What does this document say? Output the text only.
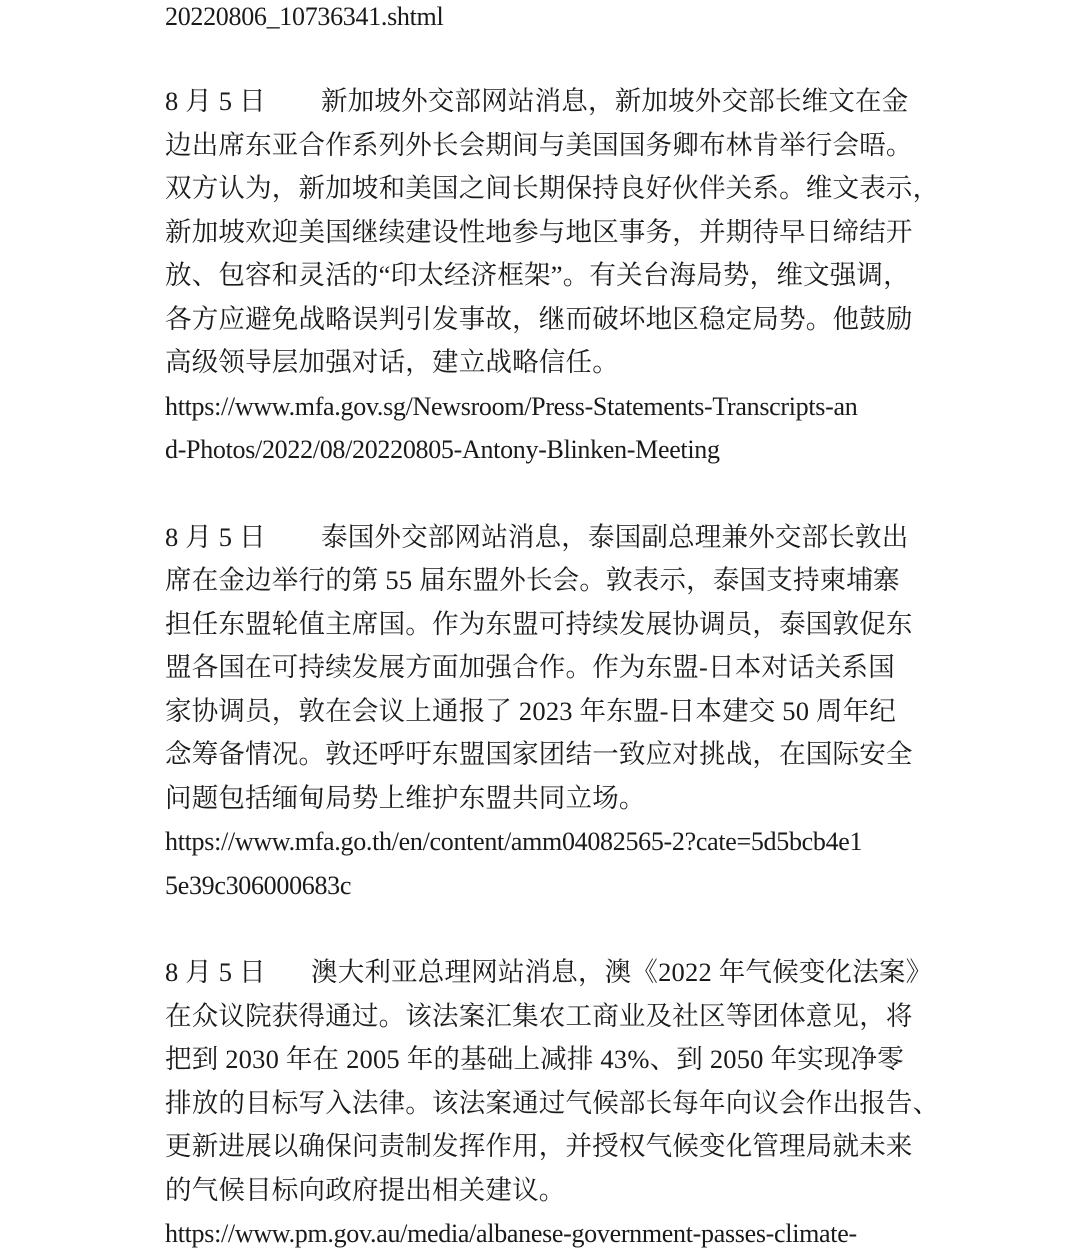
20220806_10736341.shtml
8 月 5 日 新加坡外交部网站消息，新加坡外交部长维文在金
边出席东亚合作系列外长会期间与美国国务卿布林肯举行会晤。
双方认为，新加坡和美国之间长期保持良好伙伴关系。维文表示，
新加坡欢迎美国继续建设性地参与地区事务，并期待早日缔结开
放、包容和灵活的“印太经济框架”。有关台海局势，维文强调，
各方应避免战略误判引发事故，继而破坏地区稳定局势。他鼓励
高级领导层加强对话，建立战略信任。
https://www.mfa.gov.sg/Newsroom/Press-Statements-Transcripts-an
d-Photos/2022/08/20220805-Antony-Blinken-Meeting
8 月 5 日 泰国外交部网站消息，泰国副总理兼外交部长敦出
席在金边举行的第 55 届东盟外长会。敦表示，泰国支持柬埔寨
担任东盟轮值主席国。作为东盟可持续发展协调员，泰国敦促东
盟各国在可持续发展方面加强合作。作为东盟-日本对话关系国
家协调员，敦在会议上通报了 2023 年东盟-日本建交 50 周年纪
念筹备情况。敦还呼吁东盟国家团结一致应对挑战，在国际安全
问题包括缅甸局势上维护东盟共同立场。
https://www.mfa.go.th/en/content/amm04082565-2?cate=5d5bcb4e1
5e39c306000683c
8 月 5 日 澳大利亚总理网站消息，澳《2022 年气候变化法案》
在众议院获得通过。该法案汇集农工商业及社区等团体意见，将
把到 2030 年在 2005 年的基础上减排 43%、到 2050 年实现净零
排放的目标写入法律。该法案通过气候部长每年向议会作出报告、
更新进展以确保问责制发挥作用，并授权气候变化管理局就未来
的气候目标向政府提出相关建议。
https://www.pm.gov.au/media/albanese-government-passes-climate-
